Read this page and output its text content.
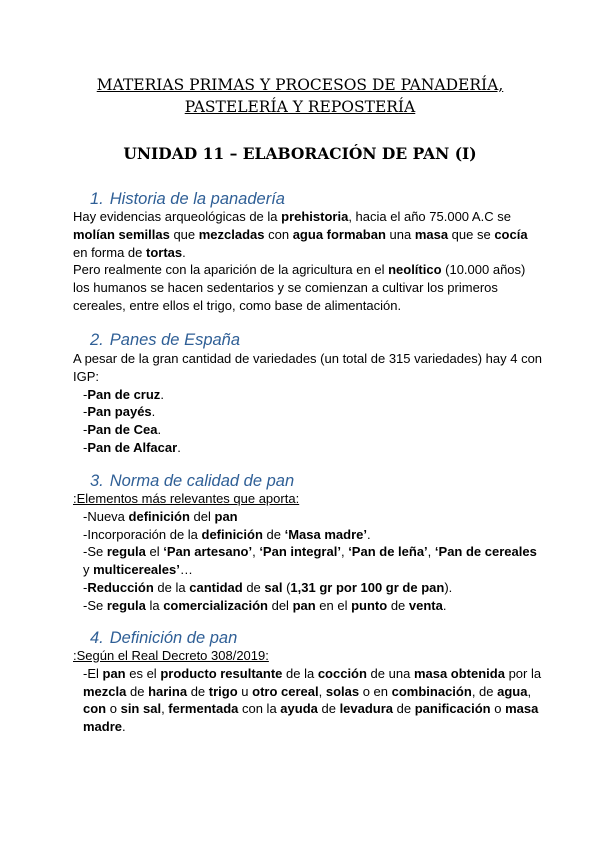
MATERIAS PRIMAS Y PROCESOS DE PANADERÍA,
PASTELERÍA Y REPOSTERÍA
UNIDAD 11 – ELABORACIÓN DE PAN (I)
1. Historia de la panadería

Hay evidencias arqueológicas de la prehistoria, hacia el año 75.000 A.C se molían semillas que mezcladas con agua formaban una masa que se cocía en forma de tortas.

Pero realmente con la aparición de la agricultura en el neolítico (10.000 años) los humanos se hacen sedentarios y se comienzan a cultivar los primeros cereales, entre ellos el trigo, como base de alimentación.

2. Panes de España

A pesar de la gran cantidad de variedades (un total de 315 variedades) hay 4 con IGP:

-Pan de cruz.

-Pan payés.

-Pan de Cea.

-Pan de Alfacar.

3. Norma de calidad de pan

:Elementos más relevantes que aporta:

-Nueva definición del pan

-Incorporación de la definición de ‘Masa madre’.

-Se regula el ‘Pan artesano’, ‘Pan integral’, ‘Pan de leña’, ‘Pan de cereales y multicereales’…

-Reducción de la cantidad de sal (1,31 gr por 100 gr de pan).

-Se regula la comercialización del pan en el punto de venta.

4. Definición de pan

:Según el Real Decreto 308/2019:

-El pan es el producto resultante de la cocción de una masa obtenida por la mezcla de harina de trigo u otro cereal, solas o en combinación, de agua, con o sin sal, fermentada con la ayuda de levadura de panificación o masa madre.
